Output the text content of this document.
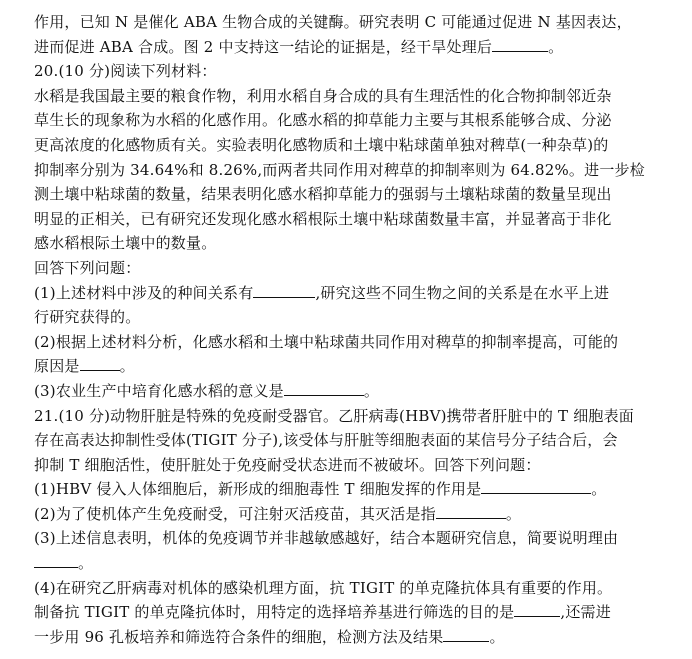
作用，已知 N 是催化 ABA 生物合成的关键酶。研究表明 C 可能通过促进 N 基因表达，
进而促进 ABA 合成。图 2 中支持这一结论的证据是，经干旱处理后	。
20.(10 分)阅读下列材料：
水稻是我国最主要的粮食作物，利用水稻自身合成的具有生理活性的化合物抑制邻近杂
草生长的现象称为水稻的化感作用。化感水稻的抑草能力主要与其根系能够合成、分泌
更高浓度的化感物质有关。实验表明化感物质和土壤中粘球菌单独对稗草(一种杂草)的
抑制率分别为 34.64%和 8.26%,而两者共同作用对稗草的抑制率则为 64.82%。进一步检
测土壤中粘球菌的数量，结果表明化感水稻抑草能力的强弱与土壤粘球菌的数量呈现出
明显的正相关，已有研究还发现化感水稻根际土壤中粘球菌数量丰富，并显著高于非化
感水稻根际土壤中的数量。
回答下列问题：
(1)上述材料中涉及的种间关系有	,研究这些不同生物之间的关系是在水平上进
行研究获得的。
(2)根据上述材料分析，化感水稻和土壤中粘球菌共同作用对稗草的抑制率提高，可能的
原因是	。
(3)农业生产中培育化感水稻的意义是	。
21.(10 分)动物肝脏是特殊的免疫耐受器官。乙肝病毒(HBV)携带者肝脏中的 T 细胞表面
存在高表达抑制性受体(TIGIT 分子),该受体与肝脏等细胞表面的某信号分子结合后，会
抑制 T 细胞活性，使肝脏处于免疫耐受状态进而不被破坏。回答下列问题：
(1)HBV 侵入人体细胞后，新形成的细胞毒性 T 细胞发挥的作用是	。
(2)为了使机体产生免疫耐受，可注射灭活疫苗，其灭活是指	。
(3)上述信息表明，机体的免疫调节并非越敏感越好，结合本题研究信息，简要说明理由
。
(4)在研究乙肝病毒对机体的感染机理方面，抗 TIGIT 的单克隆抗体具有重要的作用。
制备抗 TIGIT 的单克隆抗体时，用特定的选择培养基进行筛选的目的是	,还需进
一步用 96 孔板培养和筛选符合条件的细胞，检测方法及结果	。
